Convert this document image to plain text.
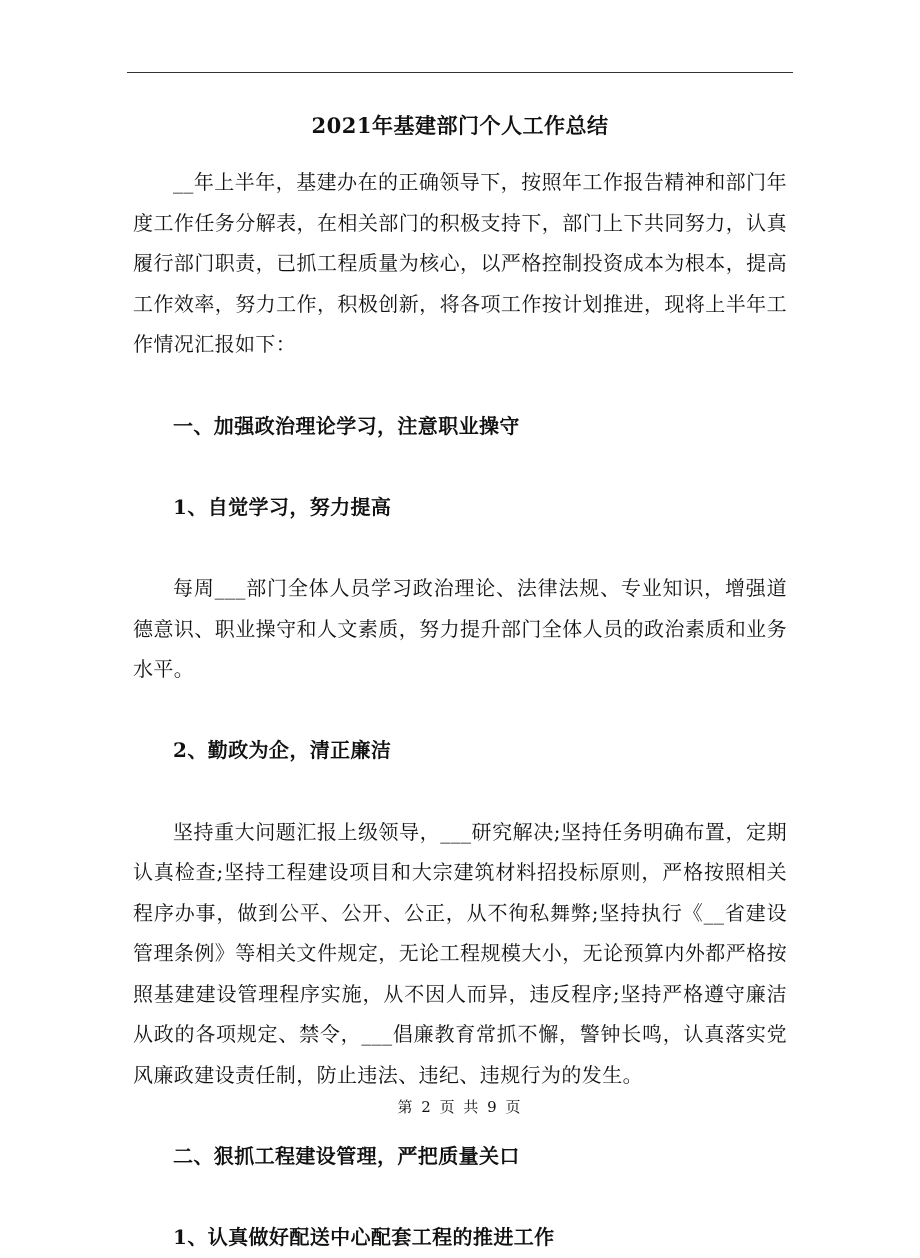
2021年基建部门个人工作总结

__年上半年，基建办在的正确领导下，按照年工作报告精神和部门年度工作任务分解表，在相关部门的积极支持下，部门上下共同努力，认真履行部门职责，已抓工程质量为核心，以严格控制投资成本为根本，提高工作效率，努力工作，积极创新，将各项工作按计划推进，现将上半年工作情况汇报如下：

一、加强政治理论学习，注意职业操守

1、自觉学习，努力提高

每周___部门全体人员学习政治理论、法律法规、专业知识，增强道德意识、职业操守和人文素质，努力提升部门全体人员的政治素质和业务水平。

2、勤政为企，清正廉洁

坚持重大问题汇报上级领导，___研究解决;坚持任务明确布置，定期认真检查;坚持工程建设项目和大宗建筑材料招投标原则，严格按照相关程序办事，做到公平、公开、公正，从不徇私舞弊;坚持执行《__省建设管理条例》等相关文件规定，无论工程规模大小，无论预算内外都严格按照基建建设管理程序实施，从不因人而异，违反程序;坚持严格遵守廉洁从政的各项规定、禁令，___倡廉教育常抓不懈，警钟长鸣，认真落实党风廉政建设责任制，防止违法、违纪、违规行为的发生。

二、狠抓工程建设管理，严把质量关口

1、认真做好配送中心配套工程的推进工作

第 2 页 共 9 页
